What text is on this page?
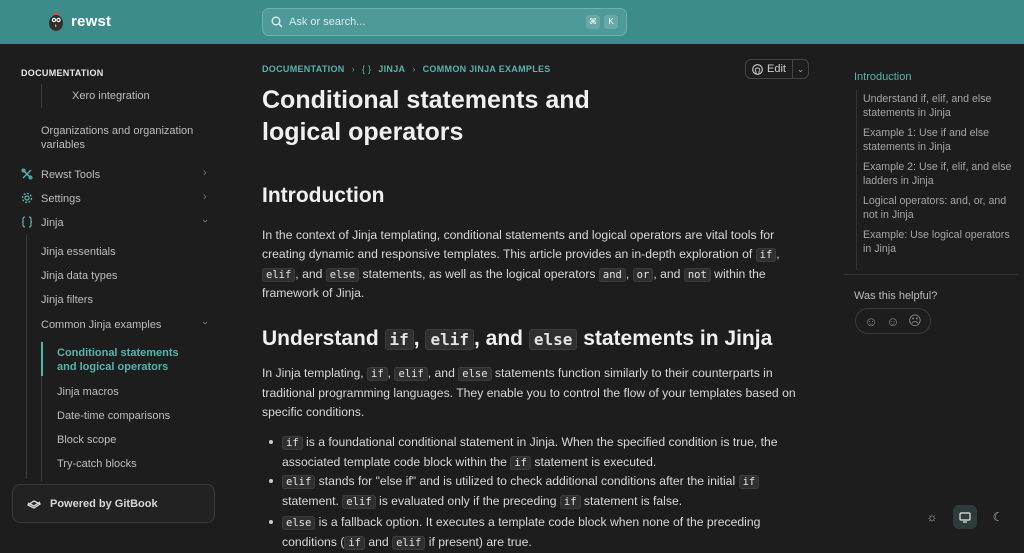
rewst	Ask or search...	⌘	K
DOCUMENTATION
Xero integration
Organizations and organization variables
Rewst Tools	›
Settings	›
Jinja	›
Jinja essentials
Jinja data types
Jinja filters
Common Jinja examples	›
Conditional statements and logical operators
Jinja macros
Date-time comparisons
Block scope
Try-catch blocks
Powered by GitBook
DOCUMENTATION › { } JINJA › COMMON JINJA EXAMPLES	Edit	⌄
Conditional statements and logical operators
Introduction
In the context of Jinja templating, conditional statements and logical operators are vital tools for creating dynamic and responsive templates. This article provides an in-depth exploration of if , elif , and else statements, as well as the logical operators and , or , and not within the framework of Jinja.
Understand if , elif , and else statements in Jinja
In Jinja templating, if , elif , and else statements function similarly to their counterparts in traditional programming languages. They enable you to control the flow of your templates based on specific conditions.
if is a foundational conditional statement in Jinja. When the specified condition is true, the associated template code block within the if statement is executed.
elif stands for "else if" and is utilized to check additional conditions after the initial if statement. elif is evaluated only if the preceding if statement is false.
else is a fallback option. It executes a template code block when none of the preceding conditions ( if and elif if present) are true.
Introduction
Understand if, elif, and else statements in Jinja
Example 1: Use if and else statements in Jinja
Example 2: Use if, elif, and else ladders in Jinja
Logical operators: and, or, and not in Jinja
Example: Use logical operators in Jinja
Was this helpful?
☺ ☺ ☹
☼	☾
